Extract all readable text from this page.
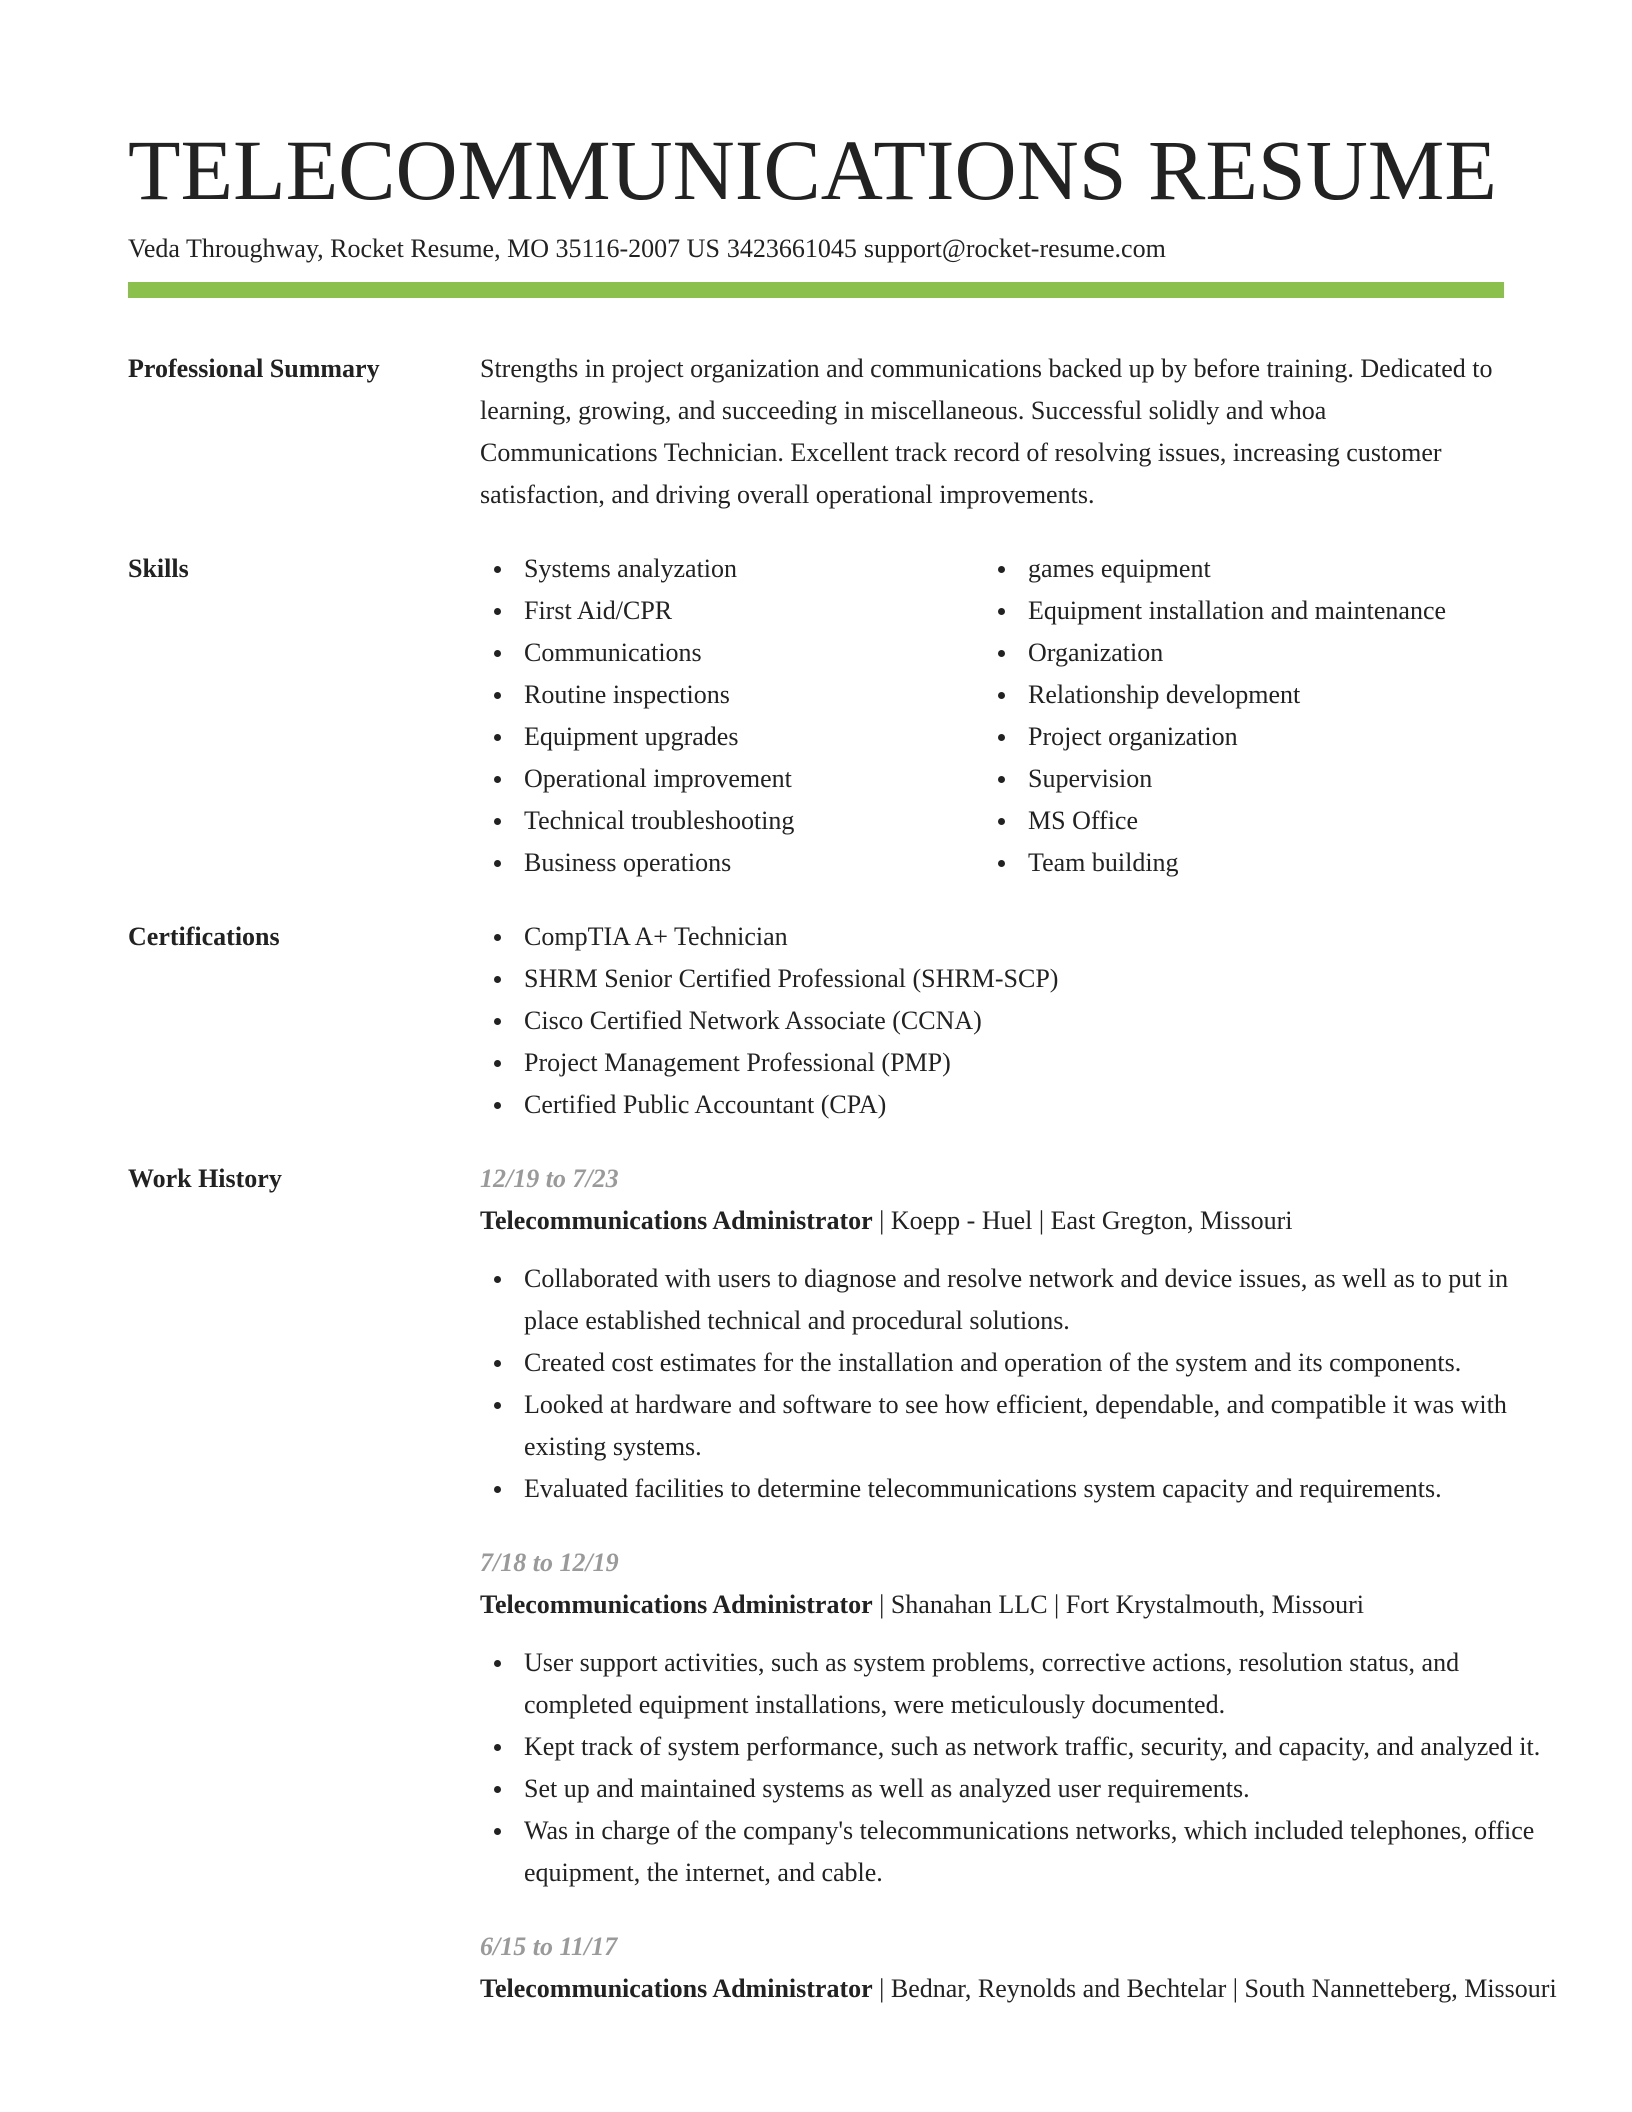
TELECOMMUNICATIONS RESUME
Veda Throughway, Rocket Resume, MO 35116-2007 US 3423661045 support@rocket-resume.com
Professional Summary	Strengths in project organization and communications backed up by before training. Dedicated to learning, growing, and succeeding in miscellaneous. Successful solidly and whoa Communications Technician. Excellent track record of resolving issues, increasing customer satisfaction, and driving overall operational improvements.

Skills	Systems analyzation
First Aid/CPR
Communications
Routine inspections
Equipment upgrades
Operational improvement
Technical troubleshooting
Business operations
games equipment
Equipment installation and maintenance
Organization
Relationship development
Project organization
Supervision
MS Office
Team building
Certifications	CompTIA A+ Technician
SHRM Senior Certified Professional (SHRM-SCP)
Cisco Certified Network Associate (CCNA)
Project Management Professional (PMP)
Certified Public Accountant (CPA)
Work History	12/19 to 7/23
Telecommunications Administrator | Koepp - Huel | East Gregton, Missouri
Collaborated with users to diagnose and resolve network and device issues, as well as to put in place established technical and procedural solutions.
Created cost estimates for the installation and operation of the system and its components.
Looked at hardware and software to see how efficient, dependable, and compatible it was with existing systems.
Evaluated facilities to determine telecommunications system capacity and requirements.
7/18 to 12/19
Telecommunications Administrator | Shanahan LLC | Fort Krystalmouth, Missouri
User support activities, such as system problems, corrective actions, resolution status, and completed equipment installations, were meticulously documented.
Kept track of system performance, such as network traffic, security, and capacity, and analyzed it.
Set up and maintained systems as well as analyzed user requirements.
Was in charge of the company's telecommunications networks, which included telephones, office equipment, the internet, and cable.
6/15 to 11/17
Telecommunications Administrator | Bednar, Reynolds and Bechtelar | South Nannetteberg, Missouri
